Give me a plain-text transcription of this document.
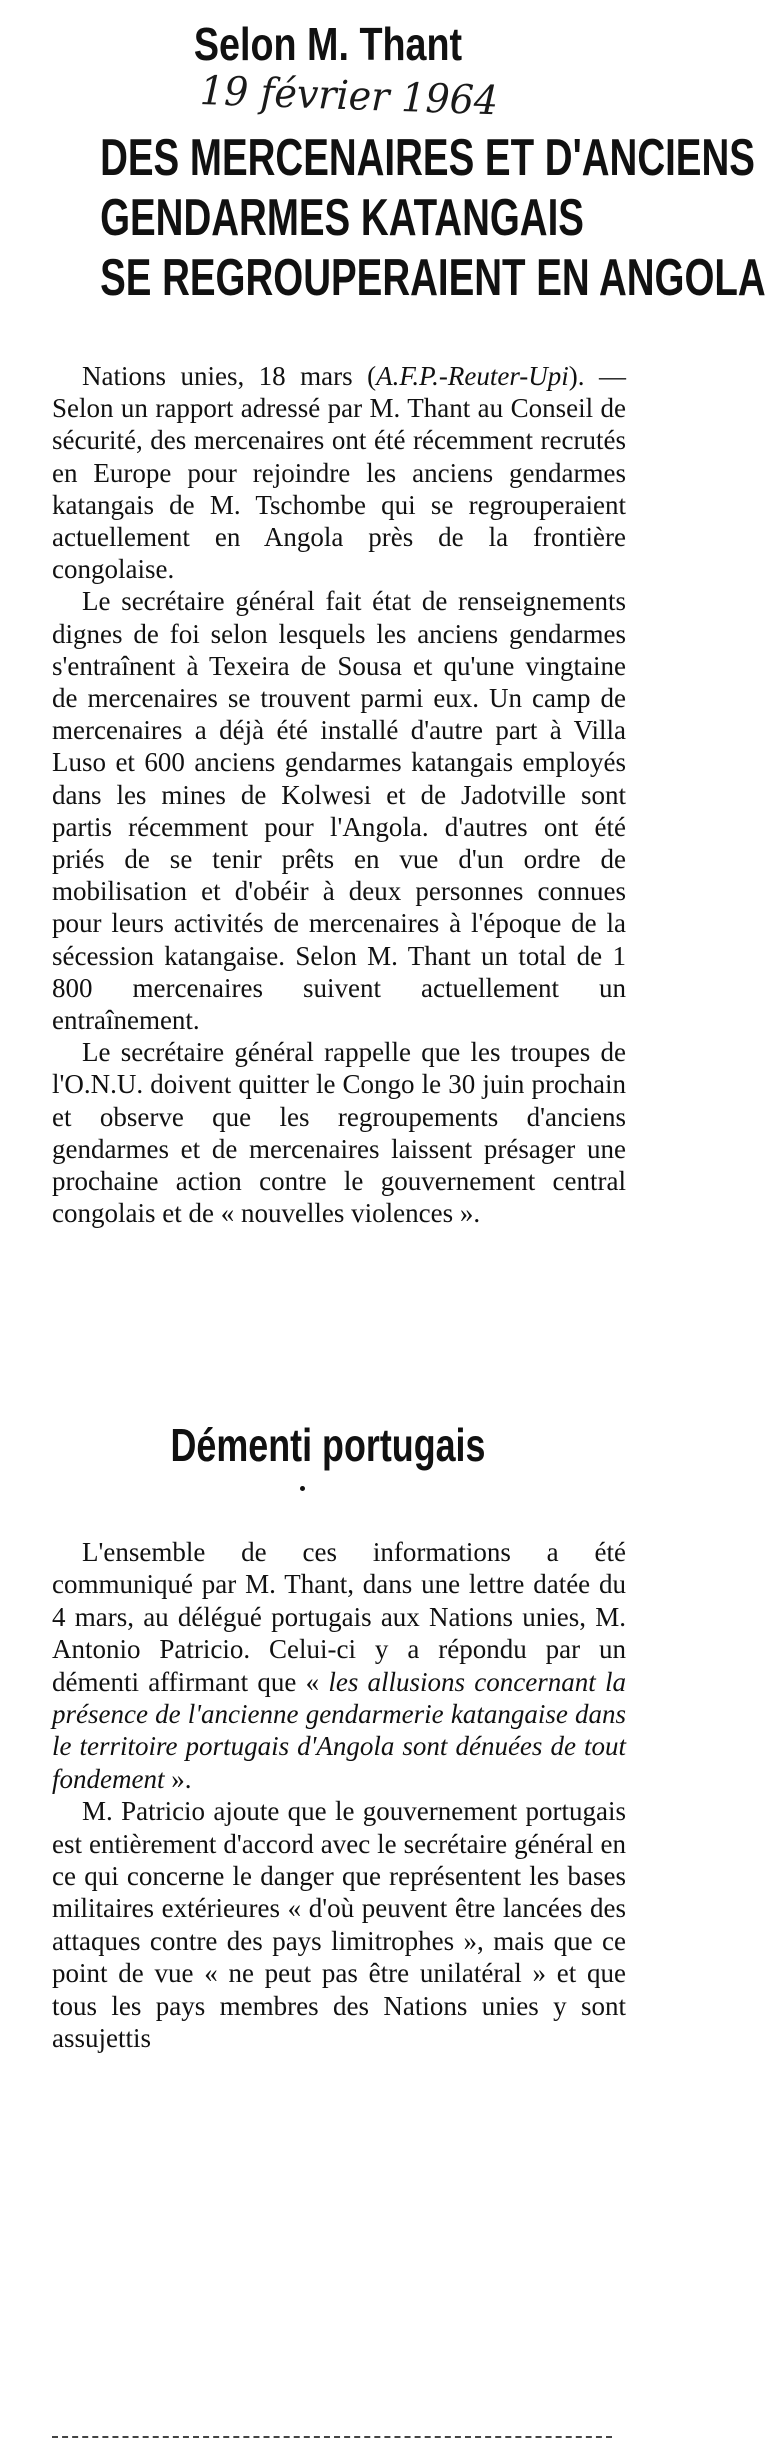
Selon M. Thant
19 février 1964
DES MERCENAIRES ET D'ANCIENS
GENDARMES KATANGAIS
SE REGROUPERAIENT EN ANGOLA

Nations unies, 18 mars (A.F.P.-Reuter-Upi). — Selon un rapport adressé par M. Thant au Conseil de sécurité, des mercenaires ont été récemment recrutés en Europe pour rejoindre les anciens gendarmes katangais de M. Tschombe qui se regrouperaient actuellement en Angola près de la frontière congolaise.

Le secrétaire général fait état de renseignements dignes de foi selon lesquels les anciens gendarmes s'entraînent à Texeira de Sousa et qu'une vingtaine de mercenaires se trouvent parmi eux. Un camp de mercenaires a déjà été installé d'autre part à Villa Luso et 600 anciens gendarmes katangais employés dans les mines de Kolwesi et de Jadotville sont partis récemment pour l'Angola. d'autres ont été priés de se tenir prêts en vue d'un ordre de mobilisation et d'obéir à deux personnes connues pour leurs activités de mercenaires à l'époque de la sécession katangaise. Selon M. Thant un total de 1 800 mercenaires suivent actuellement un entraînement.

Le secrétaire général rappelle que les troupes de l'O.N.U. doivent quitter le Congo le 30 juin prochain et observe que les regroupements d'anciens gendarmes et de mercenaires laissent présager une prochaine action contre le gouvernement central congolais et de « nouvelles violences ».

Démenti portugais

L'ensemble de ces informations a été communiqué par M. Thant, dans une lettre datée du 4 mars, au délégué portugais aux Nations unies, M. Antonio Patricio. Celui-ci y a répondu par un démenti affirmant que « les allusions concernant la présence de l'ancienne gendarmerie katangaise dans le territoire portugais d'Angola sont dénuées de tout fondement ».

M. Patricio ajoute que le gouvernement portugais est entièrement d'accord avec le secrétaire général en ce qui concerne le danger que représentent les bases militaires extérieures « d'où peuvent être lancées des attaques contre des pays limitrophes », mais que ce point de vue « ne peut pas être unilatéral » et que tous les pays membres des Nations unies y sont assujettis
